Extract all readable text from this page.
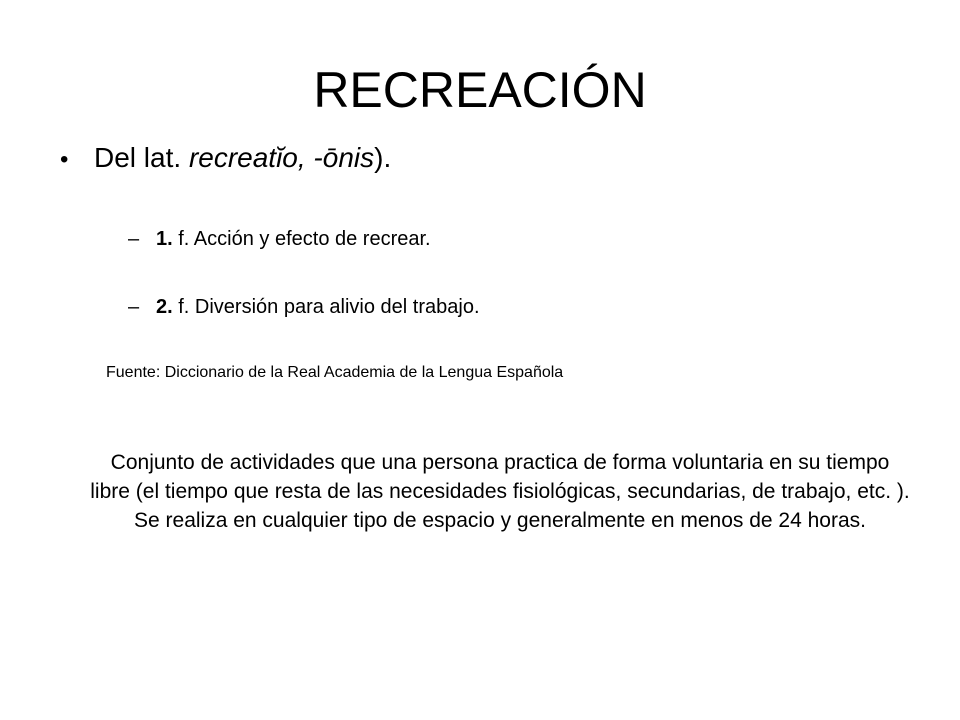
RECREACIÓN
• Del lat. recreatĭo, -ōnis).
– 1. f. Acción y efecto de recrear.
– 2. f. Diversión para alivio del trabajo.
Fuente: Diccionario de la Real Academia de la Lengua Española
Conjunto de actividades que una persona practica de forma voluntaria en su tiempo libre (el tiempo que resta de las necesidades fisiológicas, secundarias, de trabajo, etc. ). Se realiza en cualquier tipo de espacio y generalmente en menos de 24 horas.
